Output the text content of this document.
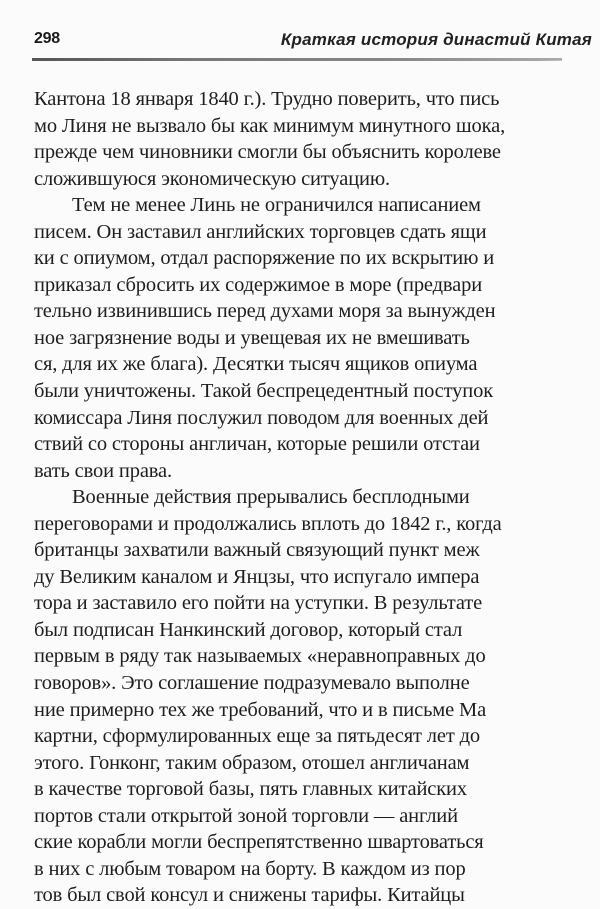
298	Краткая история династий Китая
Кантона 18 января 1840 г.). Трудно поверить, что пись
мо Линя не вызвало бы как минимум минутного шока,
прежде чем чиновники смогли бы объяснить королеве
сложившуюся экономическую ситуацию.
Тем не менее Линь не ограничился написанием
писем. Он заставил английских торговцев сдать ящи
ки с опиумом, отдал распоряжение по их вскрытию и
приказал сбросить их содержимое в море (предвари
тельно извинившись перед духами моря за вынужден
ное загрязнение воды и увещевая их не вмешивать
ся, для их же блага). Десятки тысяч ящиков опиума
были уничтожены. Такой беспрецедентный поступок
комиссара Линя послужил поводом для военных дей
ствий со стороны англичан, которые решили отстаи
вать свои права.
Военные действия прерывались бесплодными
переговорами и продолжались вплоть до 1842 г., когда
британцы захватили важный связующий пункт меж
ду Великим каналом и Янцзы, что испугало импера
тора и заставило его пойти на уступки. В результате
был подписан Нанкинский договор, который стал
первым в ряду так называемых «неравноправных до
говоров». Это соглашение подразумевало выполне
ние примерно тех же требований, что и в письме Ма
картни, сформулированных еще за пятьдесят лет до
этого. Гонконг, таким образом, отошел англичанам
в качестве торговой базы, пять главных китайских
портов стали открытой зоной торговли — англий
ские корабли могли беспрепятственно швартоваться
в них с любым товаром на борту. В каждом из пор
тов был свой консул и снижены тарифы. Китайцы
